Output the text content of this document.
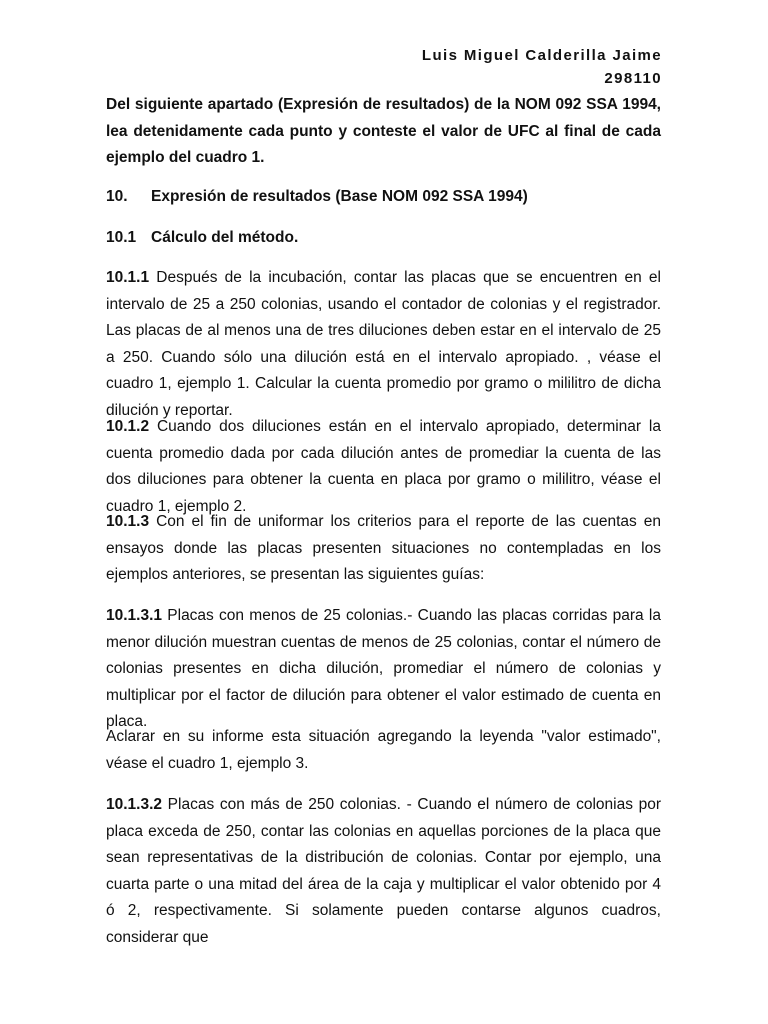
Luis Miguel Calderilla Jaime
298110

Del siguiente apartado (Expresión de resultados) de la NOM 092 SSA 1994, lea detenidamente cada punto y conteste el valor de UFC al final de cada ejemplo del cuadro 1.

10. Expresión de resultados (Base NOM 092 SSA 1994)
10.1 Cálculo del método.

10.1.1 Después de la incubación, contar las placas que se encuentren en el intervalo de 25 a 250 colonias, usando el contador de colonias y el registrador. Las placas de al menos una de tres diluciones deben estar en el intervalo de 25 a 250. Cuando sólo una dilución está en el intervalo apropiado. , véase el cuadro 1, ejemplo 1. Calcular la cuenta promedio por gramo o mililitro de dicha dilución y reportar.

10.1.2 Cuando dos diluciones están en el intervalo apropiado, determinar la cuenta promedio dada por cada dilución antes de promediar la cuenta de las dos diluciones para obtener la cuenta en placa por gramo o mililitro, véase el cuadro 1, ejemplo 2.

10.1.3 Con el fin de uniformar los criterios para el reporte de las cuentas en ensayos donde las placas presenten situaciones no contempladas en los ejemplos anteriores, se presentan las siguientes guías:

10.1.3.1 Placas con menos de 25 colonias.- Cuando las placas corridas para la menor dilución muestran cuentas de menos de 25 colonias, contar el número de colonias presentes en dicha dilución, promediar el número de colonias y multiplicar por el factor de dilución para obtener el valor estimado de cuenta en placa.

Aclarar en su informe esta situación agregando la leyenda "valor estimado", véase el cuadro 1, ejemplo 3.

10.1.3.2 Placas con más de 250 colonias. - Cuando el número de colonias por placa exceda de 250, contar las colonias en aquellas porciones de la placa que sean representativas de la distribución de colonias. Contar por ejemplo, una cuarta parte o una mitad del área de la caja y multiplicar el valor obtenido por 4 ó 2, respectivamente. Si solamente pueden contarse algunos cuadros, considerar que
